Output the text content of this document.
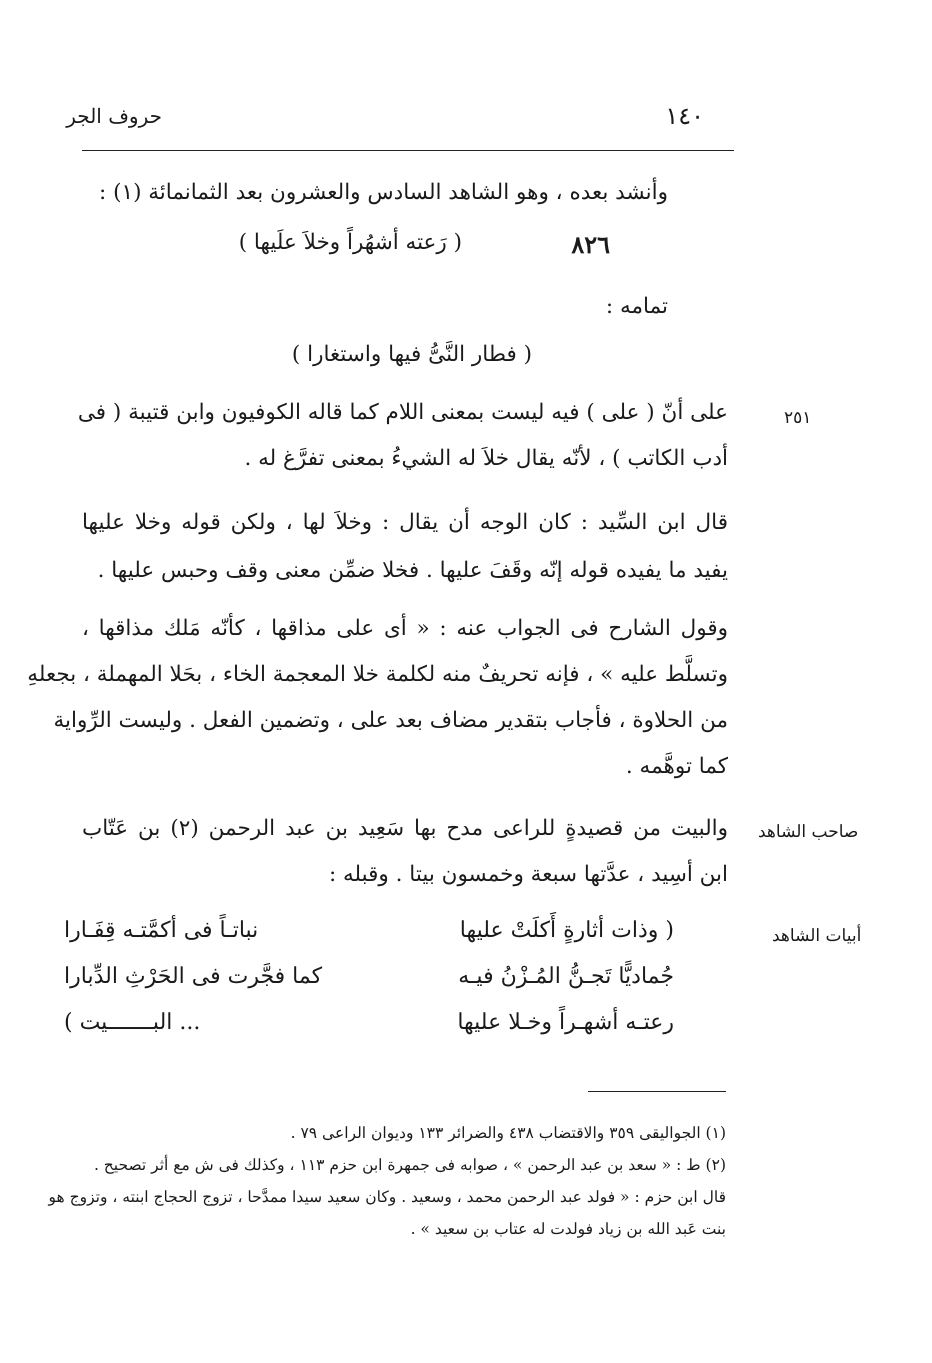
حروف الجر	١٤٠
وأنشد بعده ، وهو الشاهد السادس والعشرون بعد الثمانمائة (١) :
٨٢٦
( رَعته أشهُراً وخلاَ علَيها )
تمامه :
( فطار النَّیُّ فيها واستغارا )
٢٥١
صاحب الشاهد
أبيات الشاهد
على أنّ ( على ) فيه ليست بمعنى اللام كما قاله الكوفيون وابن قتيبة ( فى
أدب الكاتب ) ، لأنّه يقال خلاَ له الشيءُ بمعنى تفرَّغ له .
قال ابن السِّيد : كان الوجه أن يقال : وخلاَ لها ، ولكن قوله وخلا عليها
يفيد ما يفيده قوله إنّه وقَفَ عليها . فخلا ضمِّن معنى وقف وحبس عليها .
وقول الشارح فى الجواب عنه : « أى على مذاقها ، كأنّه مَلك مذاقها ،
وتسلَّط عليه » ، فإنه تحريفٌ منه لكلمة خلا المعجمة الخاء ، بحَلا المهملة ، بجعلهِ
من الحلاوة ، فأجاب بتقدير مضاف بعد على ، وتضمين الفعل . وليست الرِّواية
كما توهَّمه .
والبيت من قصيدةٍ للراعى مدح بها سَعِيد بن عبد الرحمن (٢) بن عَتّاب
ابن أسِيد ، عدَّتها سبعة وخمسون بيتا . وقبله :
( وذات أثارةٍ أَكلَتْ عليها
نباتـاً فى أكمَّتـه قِفَـارا
جُماديًّا تَجـنُّ المُـزْنُ فيـه
كما فجَّرت فى الحَرْثِ الدِّبارا
رعتـه أشهـراً وخـلا عليها
... البـــــــيت )
(١) الجواليقى ٣٥٩ والاقتضاب ٤٣٨ والضرائر ١٣٣ وديوان الراعى ٧٩ .
(٢) ط : « سعد بن عبد الرحمن » ، صوابه فى جمهرة ابن حزم ١١٣ ، وكذلك فى ش مع أثر تصحيح .
قال ابن حزم : « فولد عبد الرحمن محمد ، وسعيد . وكان سعيد سيدا ممدَّحا ، تزوج الحجاج ابنته ، وتزوج هو
بنت عَبد الله بن زياد فولدت له عتاب بن سعيد » .
